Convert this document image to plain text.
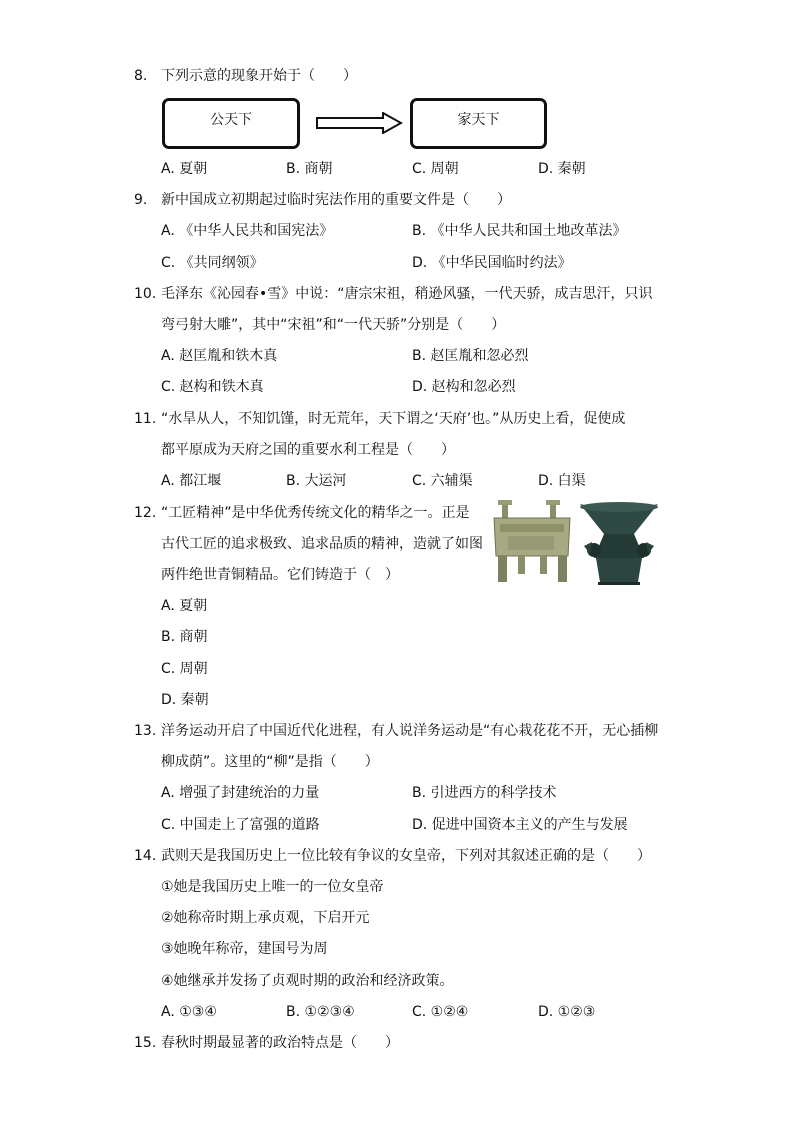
8. 下列示意的现象开始于（　　）
公天下	家天下
A. 夏朝	B. 商朝	C. 周朝	D. 秦朝
9. 新中国成立初期起过临时宪法作用的重要文件是（　　）
A. 《中华人民共和国宪法》	B. 《中华人民共和国土地改革法》
C. 《共同纲领》	D. 《中华民国临时约法》
10. 毛泽东《沁园春•雪》中说：“唐宗宋祖，稍逊风骚，一代天骄，成吉思汗，只识
弯弓射大雕”，其中“宋祖”和“一代天骄”分别是（　　）
A. 赵匡胤和铁木真	B. 赵匡胤和忽必烈
C. 赵构和铁木真	D. 赵构和忽必烈
11. “水旱从人，不知饥馑，时无荒年，天下谓之‘天府’也。”从历史上看，促使成
都平原成为天府之国的重要水利工程是（　　）
A. 都江堰	B. 大运河	C. 六辅渠	D. 白渠
12. “工匠精神”是中华优秀传统文化的精华之一。正是
古代工匠的追求极致、追求品质的精神，造就了如图
两件绝世青铜精品。它们铸造于（　）
A. 夏朝
B. 商朝
C. 周朝
D. 秦朝
13. 洋务运动开启了中国近代化进程，有人说洋务运动是“有心栽花花不开，无心插柳
柳成荫”。这里的“柳”是指（　　）
A. 增强了封建统治的力量	B. 引进西方的科学技术
C. 中国走上了富强的道路	D. 促进中国资本主义的产生与发展
14. 武则天是我国历史上一位比较有争议的女皇帝，下列对其叙述正确的是（　　）
①她是我国历史上唯一的一位女皇帝
②她称帝时期上承贞观，下启开元
③她晚年称帝，建国号为周
④她继承并发扬了贞观时期的政治和经济政策。
A. ①③④	B. ①②③④	C. ①②④	D. ①②③
15. 春秋时期最显著的政治特点是（　　）
